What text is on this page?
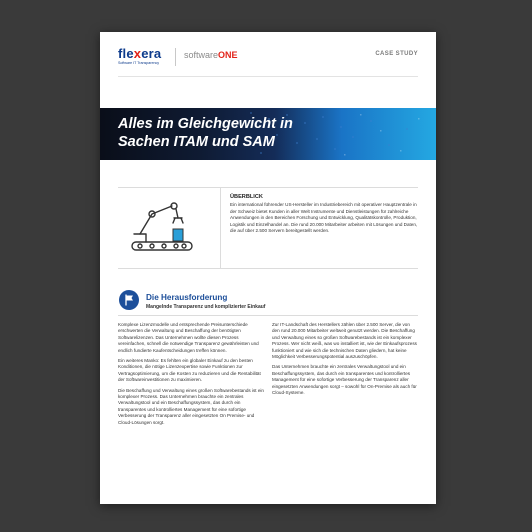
flexera
Software IT Transparency
softwareONE	CASE STUDY
Alles im Gleichgewicht in
Sachen ITAM und SAM
ÜBERBLICK
Ein international führender US-Hersteller im Industriebereich mit operativer Hauptzentrale in der Schweiz bietet Kunden in aller Welt Instrumente und Dienstleistungen für zahlreiche Anwendungen in den Bereichen Forschung und Entwicklung, Qualitätskontrolle, Produktion, Logistik und Einzelhandel an. Die rund 20.000 Mitarbeiter arbeiten mit Lösungen und Daten, die auf über 2.500 Servern bereitgestellt werden.
Die Herausforderung
Mangelnde Transparenz und komplizierter Einkauf

Komplexe Lizenzmodelle und entsprechende Preisunterschiede erschwerten die Verwaltung und Beschaffung der benötigten Softwarelizenzen. Das Unternehmen wollte diesen Prozess vereinfachen, schnell die notwendige Transparenz gewährleisten und endlich fundierte Kaufentscheidungen treffen können.

Ein weiteres Manko: Es fehlten ein globaler Einkauf zu den besten Konditionen, die nötige Lizenzexpertise sowie Funktionen zur Vertragsoptimierung, um die Kosten zu reduzieren und die Rentabilität der Softwareinvestitionen zu maximieren.

Die Beschaffung und Verwaltung eines großen Softwarebestands ist ein komplexer Prozess. Das Unternehmen brauchte ein zentrales Verwaltungstool und ein Beschaffungssystem, das durch ein transparentes und kontrolliertes Management für eine sofortige Verbesserung der Transparenz aller eingesetzten On Premise- und Cloud-Lösungen sorgt.

Zur IT-Landschaft des Herstellers zählen über 2.500 Server, die von den rund 20.000 Mitarbeiter weltweit genutzt werden. Die Beschaffung und Verwaltung eines so großen Softwarebestands ist ein komplexer Prozess. Wer nicht weiß, was wo installiert ist, wie der Einkaufsprozess funktioniert und wie sich die technischen Daten gliedern, hat keine Möglichkeit Verbesserungspotential auszuschöpfen.

Das Unternehmen brauchte ein zentrales Verwaltungstool und ein Beschaffungssystem, das durch ein transparentes und kontrolliertes Management für eine sofortige Verbesserung der Transparenz aller eingesetzten Anwendungen sorgt – sowohl für On-Premise als auch für Cloud-Systeme.
